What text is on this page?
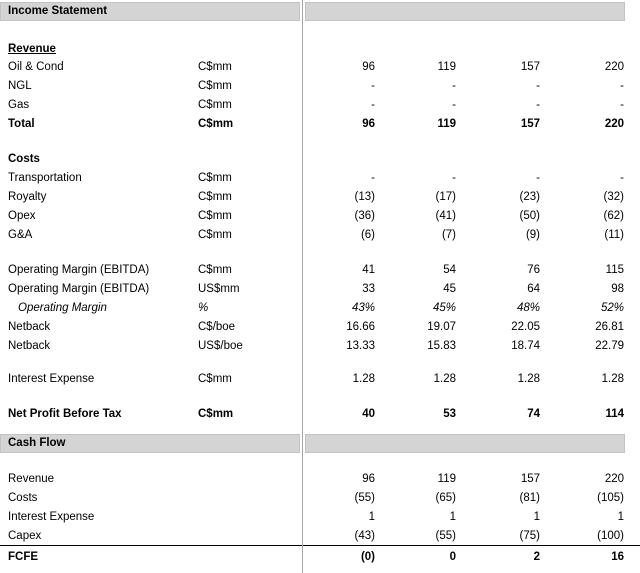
Income Statement
Revenue
Oil & Cond	C$mm	96	119	157	220
NGL	C$mm	-	-	-	-
Gas	C$mm	-	-	-	-
Total	C$mm	96	119	157	220
Costs
Transportation	C$mm	-	-	-	-
Royalty	C$mm	(13)	(17)	(23)	(32)
Opex	C$mm	(36)	(41)	(50)	(62)
G&A	C$mm	(6)	(7)	(9)	(11)
Operating Margin (EBITDA)	C$mm	41	54	76	115
Operating Margin (EBITDA)	US$mm	33	45	64	98
Operating Margin	%	43%	45%	48%	52%
Netback	C$/boe	16.66	19.07	22.05	26.81
Netback	US$/boe	13.33	15.83	18.74	22.79
Interest Expense	C$mm	1.28	1.28	1.28	1.28
Net Profit Before Tax	C$mm	40	53	74	114
Cash Flow
Revenue	96	119	157	220
Costs	(55)	(65)	(81)	(105)
Interest Expense	1	1	1	1
Capex	(43)	(55)	(75)	(100)
FCFE	(0)	0	2	16
